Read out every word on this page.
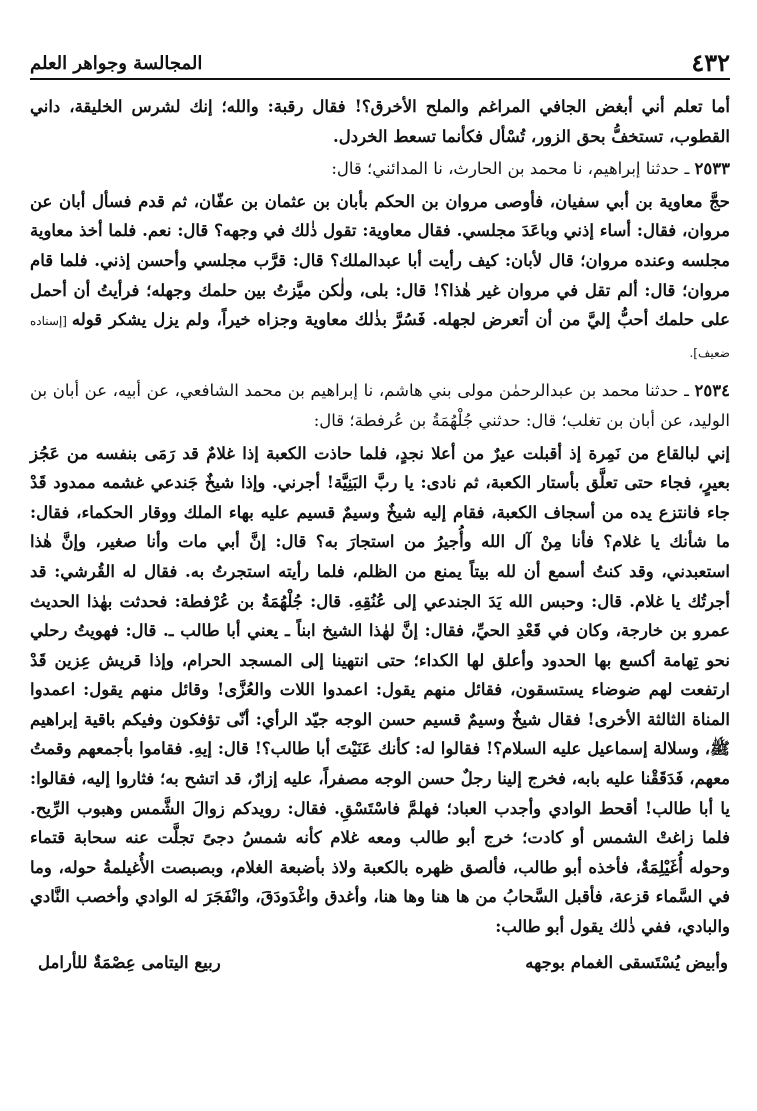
٤٣٢
المجالسة وجواهر العلم

أما تعلم أني أبغض الجافي المراغم والملح الأخرق؟! فقال رقبة: والله؛ إنك لشرس الخليقة، داني القطوب، تستخفُّ بحق الزور، تُسْأل فكأنما تسعط الخردل.

٢٥٣٣ ـ حدثنا إبراهيم، نا محمد بن الحارث، نا المدائني؛ قال:

حجَّ معاوية بن أبي سفيان، فأوصى مروان بن الحكم بأبان بن عثمان بن عفّان، ثم قدم فسأل أبان عن مروان، فقال: أساء إذني وباعَدَ مجلسي. فقال معاوية: تقول ذٰلك في وجهه؟ قال: نعم. فلما أخذ معاوية مجلسه وعنده مروان؛ قال لأبان: كيف رأيت أبا عبدالملك؟ قال: قرَّب مجلسي وأحسن إذني. فلما قام مروان؛ قال: ألم تقل في مروان غير هٰذا؟! قال: بلى، ولٰكن ميَّزتُ بين حلمك وجهله؛ فرأيتُ أن أحمل على حلمك أحبُّ إليَّ من أن أتعرض لجهله. فَسُرَّ بذٰلك معاوية وجزاه خيراً، ولم يزل يشكر قوله [إسناده ضعيف].

٢٥٣٤ ـ حدثنا محمد بن عبدالرحمٰن مولى بني هاشم، نا إبراهيم بن محمد الشافعي، عن أبيه، عن أبان بن الوليد، عن أبان بن تغلب؛ قال: حدثني جُلْهُمَةُ بن عُرفطة؛ قال:

إني لبالقاع من نَمِرة إذ أقبلت عيرٌ من أعلا نجدٍ، فلما حاذت الكعبة إذا غلامٌ قد رَمَى بنفسه من عَجُز بعيرٍ، فجاء حتى تعلَّق بأستار الكعبة، ثم نادى: يا ربَّ البَنِيَّة! أجرني. وإذا شيخٌ جَندعي غشمه ممدود قَدْ جاء فانتزع يده من أسجاف الكعبة، فقام إليه شيخٌ وسيمٌ قسيم عليه بهاء الملك ووقار الحكماء، فقال: ما شأنك يا غلام؟ فأنا مِنْ آل الله وأُجيرُ من استجارَ به؟ قال: إنَّ أبي مات وأنا صغير، وإنَّ هٰذا استعبدني، وقد كنتُ أسمع أن لله بيتاً يمنع من الظلم، فلما رأيته استجرتُ به. فقال له القُرشي: قد أجرتُك يا غلام. قال: وحبس الله يَدَ الجندعي إلى عُنُقِهِ. قال: جُلْهُمَةُ بن عُرْفطة: فحدثت بهٰذا الحديث عمرو بن خارجة، وكان في قَعْدِ الحيِّ، فقال: إنَّ لهٰذا الشيخ ابناً ـ يعني أبا طالب ـ. قال: فهويتُ رحلي نحو تِهامة أكسع بها الحدود وأعلق لها الكداء؛ حتى انتهينا إلى المسجد الحرام، وإذا قريش عِزين قَدْ ارتفعت لهم ضوضاء يستسقون، فقائل منهم يقول: اعمدوا اللات والعُزَّى! وقائل منهم يقول: اعمدوا المناة الثالثة الأخرى! فقال شيخٌ وسيمٌ قسيم حسن الوجه جيّد الرأي: أنّى تؤفكون وفيكم باقية إبراهيم ﷺ، وسلالة إسماعيل عليه السلام؟! فقالوا له: كأنك عَنَيْتَ أبا طالب؟! قال: إيهِ. فقاموا بأجمعهم وقمتُ معهم، فَدَقَقْنا عليه بابه، فخرج إلينا رجلٌ حسن الوجه مصفراً، عليه إزارٌ، قد اتشح به؛ فثاروا إليه، فقالوا: يا أبا طالب! أقحط الوادي وأجدب العباد؛ فهلمَّ فاسْتَسْقِ. فقال: رويدكم زوالَ الشَّمس وهبوب الرِّيح. فلما زاغتْ الشمس أو كادت؛ خرج أبو طالب ومعه غلام كأنه شمسُ دجىً تجلَّت عنه سحابة قتماء وحوله أُغَيْلِمَةٌ، فأخذه أبو طالب، فألصق ظهره بالكعبة ولاذ بأضبعة الغلام، وبصبصت الأُغيلمةُ حوله، وما في السَّماء قزعة، فأقبل السَّحابُ من ها هنا وها هنا، وأغدق واغْدَودَقَ، وانْفَجَرَ له الوادي وأخصب النَّادي والبادي، ففي ذٰلك يقول أبو طالب:

وأبيض يُسْتَسقى الغمام بوجهه
ربيع اليتامى عِصْمَةٌ للأرامل
